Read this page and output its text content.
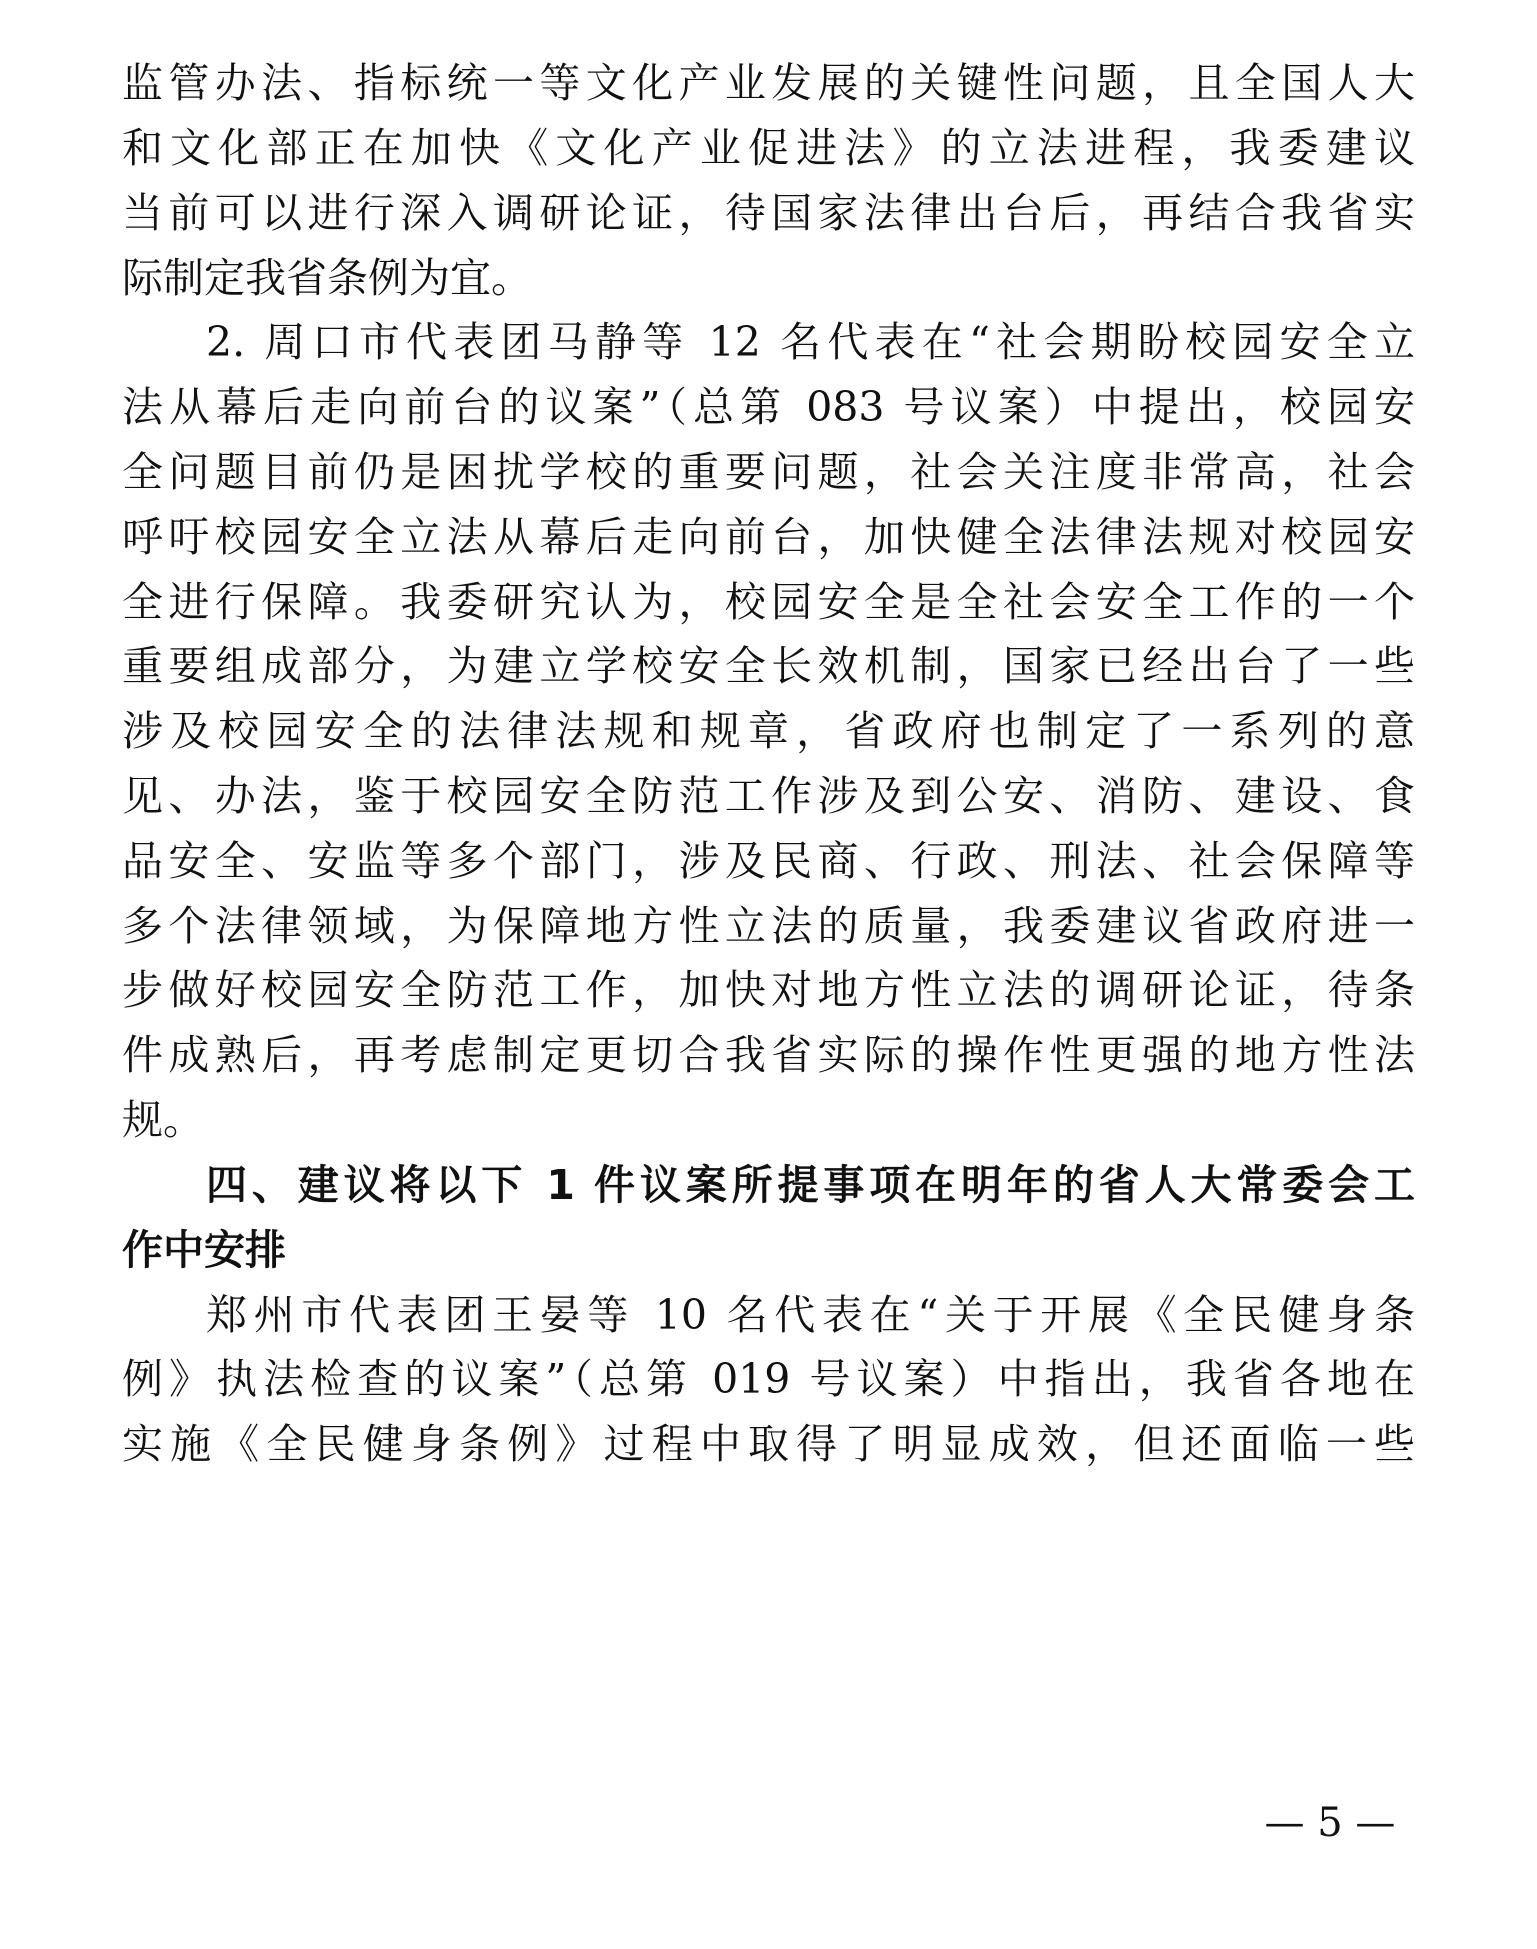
监管办法、指标统一等文化产业发展的关键性问题，且全国人大
和文化部正在加快《文化产业促进法》的立法进程，我委建议
当前可以进行深入调研论证，待国家法律出台后，再结合我省实
际制定我省条例为宜。
2. 周口市代表团马静等 12 名代表在“社会期盼校园安全立
法从幕后走向前台的议案”（总第 083 号议案）中提出，校园安
全问题目前仍是困扰学校的重要问题，社会关注度非常高，社会
呼吁校园安全立法从幕后走向前台，加快健全法律法规对校园安
全进行保障。我委研究认为，校园安全是全社会安全工作的一个
重要组成部分，为建立学校安全长效机制，国家已经出台了一些
涉及校园安全的法律法规和规章，省政府也制定了一系列的意
见、办法，鉴于校园安全防范工作涉及到公安、消防、建设、食
品安全、安监等多个部门，涉及民商、行政、刑法、社会保障等
多个法律领域，为保障地方性立法的质量，我委建议省政府进一
步做好校园安全防范工作，加快对地方性立法的调研论证，待条
件成熟后，再考虑制定更切合我省实际的操作性更强的地方性法
规。
四、建议将以下 1 件议案所提事项在明年的省人大常委会工
作中安排
郑州市代表团王晏等 10 名代表在“关于开展《全民健身条
例》执法检查的议案”（总第 019 号议案）中指出，我省各地在
实施《全民健身条例》过程中取得了明显成效，但还面临一些
— 5 —
